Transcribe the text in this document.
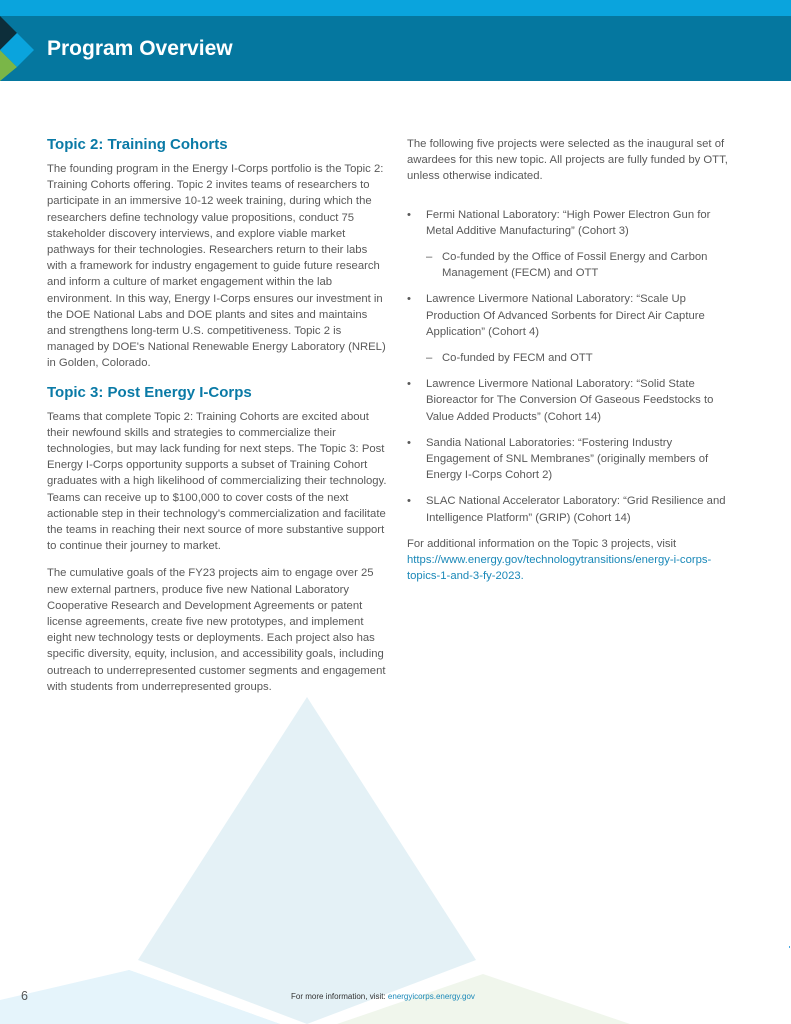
Program Overview
Topic 2: Training Cohorts

The founding program in the Energy I-Corps portfolio is the Topic 2: Training Cohorts offering. Topic 2 invites teams of researchers to participate in an immersive 10-12 week training, during which the researchers define technology value propositions, conduct 75 stakeholder discovery interviews, and explore viable market pathways for their technologies. Researchers return to their labs with a framework for industry engagement to guide future research and inform a culture of market engagement within the lab environment. In this way, Energy I-Corps ensures our investment in the DOE National Labs and DOE plants and sites and maintains and strengthens long-term U.S. competitiveness. Topic 2 is managed by DOE's National Renewable Energy Laboratory (NREL) in Golden, Colorado.

Topic 3: Post Energy I-Corps

Teams that complete Topic 2: Training Cohorts are excited about their newfound skills and strategies to commercialize their technologies, but may lack funding for next steps. The Topic 3: Post Energy I-Corps opportunity supports a subset of Training Cohort graduates with a high likelihood of commercializing their technology. Teams can receive up to $100,000 to cover costs of the next actionable step in their technology's commercialization and facilitate the teams in reaching their next source of more substantive support to continue their journey to market.

The cumulative goals of the FY23 projects aim to engage over 25 new external partners, produce five new National Laboratory Cooperative Research and Development Agreements or patent license agreements, create five new prototypes, and implement eight new technology tests or deployments. Each project also has specific diversity, equity, inclusion, and accessibility goals, including outreach to underrepresented customer segments and engagement with students from underrepresented groups.

The following five projects were selected as the inaugural set of awardees for this new topic. All projects are fully funded by OTT, unless otherwise indicated.

• Fermi National Laboratory: “High Power Electron Gun for Metal Additive Manufacturing” (Cohort 3)
– Co-funded by the Office of Fossil Energy and Carbon Management (FECM) and OTT
• Lawrence Livermore National Laboratory: “Scale Up Production Of Advanced Sorbents for Direct Air Capture Application” (Cohort 4)
– Co-funded by FECM and OTT
• Lawrence Livermore National Laboratory: “Solid State Bioreactor for The Conversion Of Gaseous Feedstocks to Value Added Products” (Cohort 14)
• Sandia National Laboratories: “Fostering Industry Engagement of SNL Membranes” (originally members of Energy I-Corps Cohort 2)
• SLAC National Accelerator Laboratory: “Grid Resilience and Intelligence Platform” (GRIP) (Cohort 14)

For additional information on the Topic 3 projects, visit https://www.energy.gov/technologytransitions/energy-i-corps-topics-1-and-3-fy-2023.

6	For more information, visit: energyicorps.energy.gov
